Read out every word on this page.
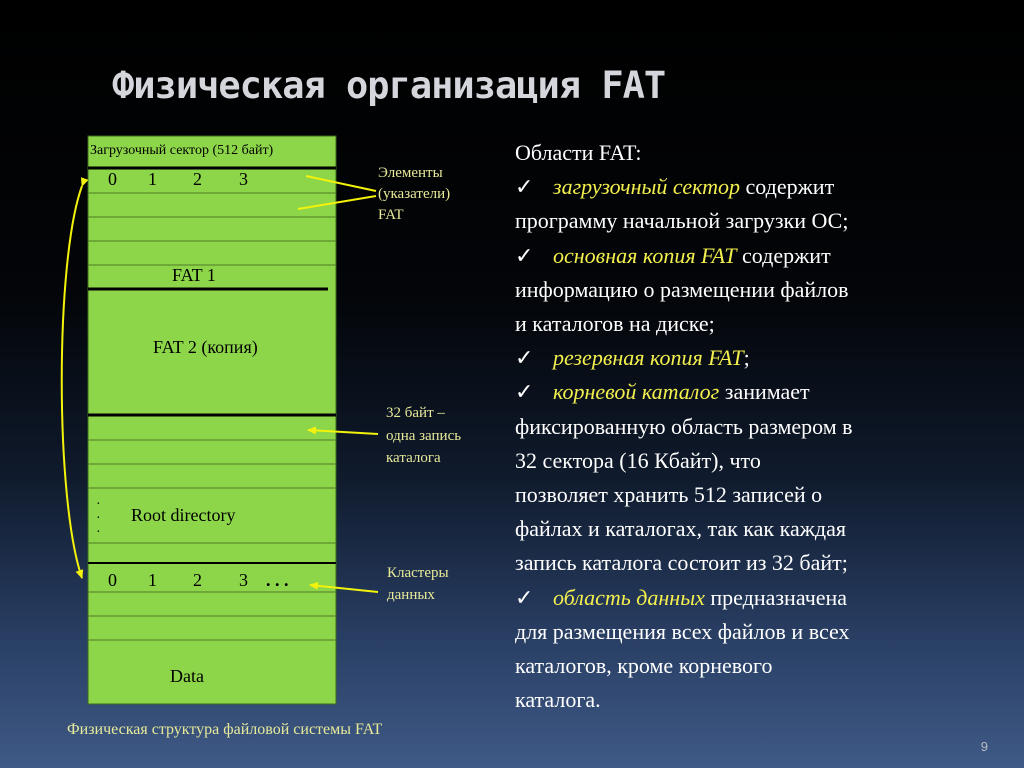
Физическая организация FAT
Загрузочный сектор (512 байт)
0 1 2 3
FAT 1
FAT 2 (копия)
·
·
·
Root directory
0 1 2 3 . . .
Data
Элементы
(указатели)
FAT
32 байт –
одна запись
каталога
Кластеры
данных
Физическая структура файловой системы FAT
Области FAT:
✓ загрузочный сектор содержит
программу начальной загрузки ОС;
✓ основная копия FAT содержит
информацию о размещении файлов
и каталогов на диске;
✓ резервная копия FAT;
✓ корневой каталог занимает
фиксированную область размером в
32 сектора (16 Кбайт), что
позволяет хранить 512 записей о
файлах и каталогах, так как каждая
запись каталога состоит из 32 байт;
✓ область данных предназначена
для размещения всех файлов и всех
каталогов, кроме корневого
каталога.
9
